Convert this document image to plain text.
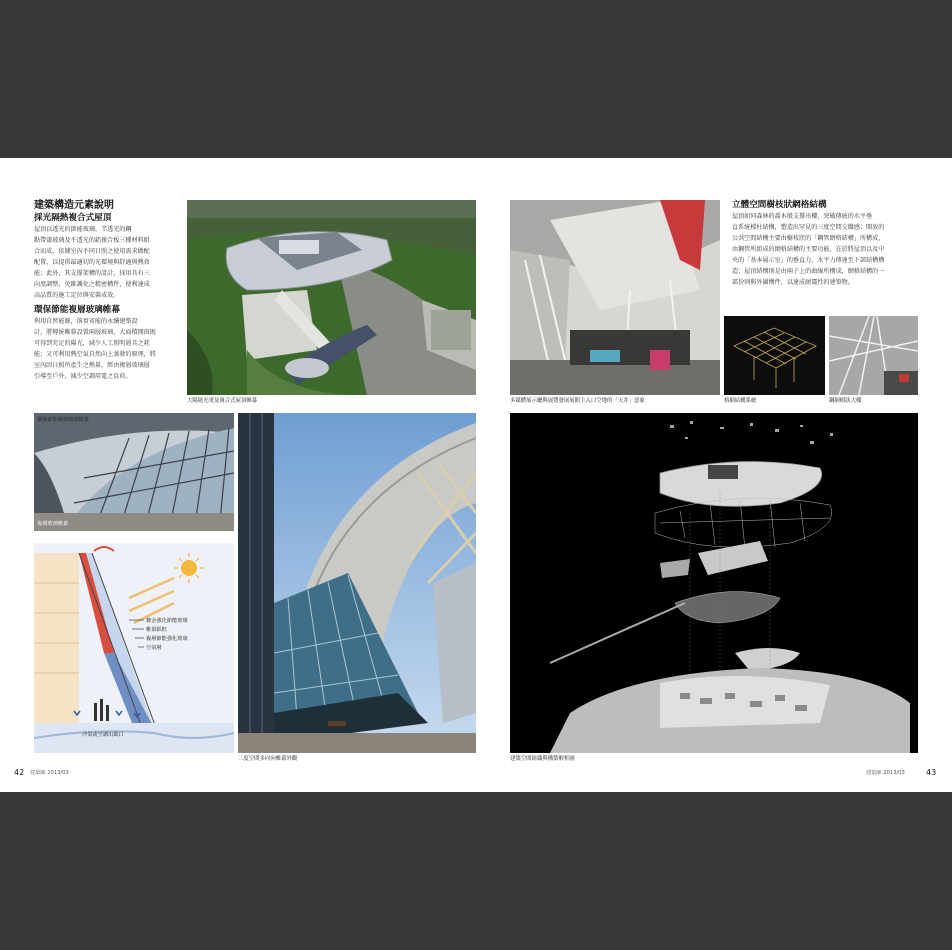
建築構造元素說明
採光隔熱複合式屋頂
屋頂以透光的節能玻璃、半透光的鋼
點帶漆玻璃及不透光的鋁複合板三種材料組
合而成，依據室內不同日照之使用需求做配
配置，以提供最適切的光環境與舒適與熱效
能；此外，其支撐架構的設計，採用具有三
向度調整、免維護化之精密構件，使利達成
高品質的施工定位與安裝成效。
環保節能複層玻璃帷幕
利用自然能源，落實省能的永續建築設
計，將傳統帷幕設置兩層玻璃，大面積開窗既
可得到充足的陽光，減少人工照明層具之耗
能；又可利用熱空氣自然向上蒸發的原理，將
室內因日照所產生之熱量，經由複層玻璃層
引導至戶外，減少空調用電之負荷。
大陽能光電及複合式屋頂帷幕
環保節能複層玻璃帷幕
複層玻璃帷幕
鍍金強化節能玻璃
帷幕鋁框
複層節能強化玻璃
空氣層
冷氣或空調出風口
三度空間多向向帷幕外觀
42 建築師 2013/03
多媒體展示廳與展覽發展展館主入口空地的「天井」意象
立體空間樹枝狀網格結構
屋頂如同森林的喬木般支撐出樓，突破傳統的水平垂
直系統樑柱結構，塑造出罕見的三度空間交織感；開放的
公共空間結構主要由樹枝狀的「鋼管網格結構」所構成，
由鋼管所組成的網格結構的主要功能，在於將屋頂以及中
央的「基本展示室」的垂直力、水平力傳達至下部結構構
造；屋頂結構則是由兩子上的曲線所構成，網格結構的一
部份則與外圍構件，以達成耐震性的建築物。
格網結構系統	鋼網樹狀大樑
建築空間組織與構築解析圖
建築師 2013/03	43
